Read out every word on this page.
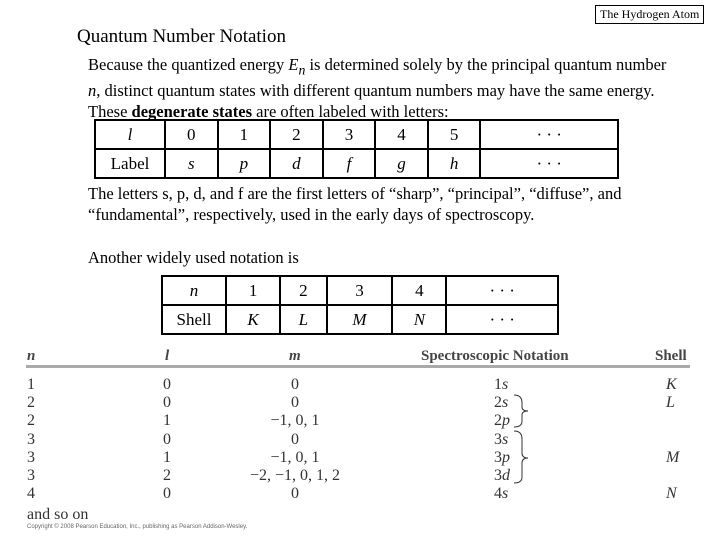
The Hydrogen Atom
Quantum Number Notation
Because the quantized energy $E_n$ is determined solely by the principal quantum number n, distinct quantum states with different quantum numbers may have the same energy. These degenerate states are often labeled with letters:
l	0	1	2	3	4	5	· · ·
Label	s	p	d	f	g	h	· · ·
The letters s, p, d, and f are the first letters of “sharp”, “principal”, “diffuse”, and “fundamental”, respectively, used in the early days of spectroscopy.
Another widely used notation is
n	1	2	3	4	· · ·
Shell	K	L	M	N	· · ·
n	l	m	Spectroscopic Notation	Shell
1	0	0	1s	K
2	0	0	2s	L
2	1	−1, 0, 1	2p
3	0	0	3s
3	1	−1, 0, 1	3p	M
3	2	−2, −1, 0, 1, 2	3d
4	0	0	4s	N
and so on
Copyright © 2008 Pearson Education, Inc., publishing as Pearson Addison-Wesley.
